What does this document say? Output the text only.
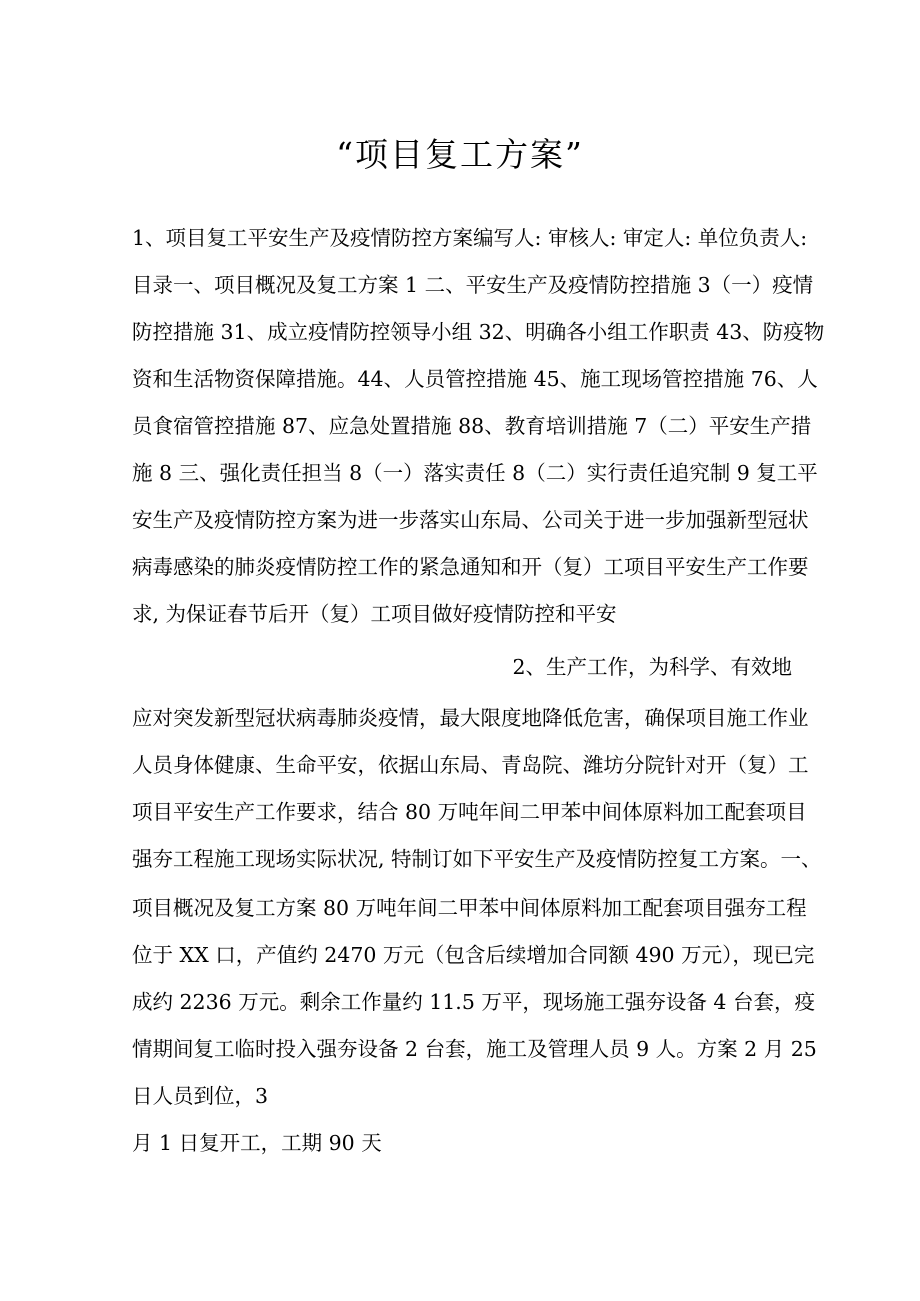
“项目复工方案”
1、项目复工平安生产及疫情防控方案编写人: 审核人: 审定人: 单位负责人:
目录一、项目概况及复工方案 1 二、平安生产及疫情防控措施 3（一）疫情
防控措施 31、成立疫情防控领导小组 32、明确各小组工作职责 43、防疫物
资和生活物资保障措施。44、人员管控措施 45、施工现场管控措施 76、人
员食宿管控措施 87、应急处置措施 88、教育培训措施 7（二）平安生产措
施 8 三、强化责任担当 8（一）落实责任 8（二）实行责任追究制 9 复工平
安生产及疫情防控方案为进一步落实山东局、公司关于进一步加强新型冠状
病毒感染的肺炎疫情防控工作的紧急通知和开（复）工项目平安生产工作要
求, 为保证春节后开（复）工项目做好疫情防控和平安
2、生产工作，为科学、有效地
应对突发新型冠状病毒肺炎疫情，最大限度地降低危害，确保项目施工作业
人员身体健康、生命平安，依据山东局、青岛院、潍坊分院针对开（复）工
项目平安生产工作要求，结合 80 万吨年间二甲苯中间体原料加工配套项目
强夯工程施工现场实际状况, 特制订如下平安生产及疫情防控复工方案。一、
项目概况及复工方案 80 万吨年间二甲苯中间体原料加工配套项目强夯工程
位于 XX 口，产值约 2470 万元（包含后续增加合同额 490 万元），现已完
成约 2236 万元。剩余工作量约 11.5 万平，现场施工强夯设备 4 台套，疫
情期间复工临时投入强夯设备 2 台套，施工及管理人员 9 人。方案 2 月 25
日人员到位，3
月 1 日复开工，工期 90 天
